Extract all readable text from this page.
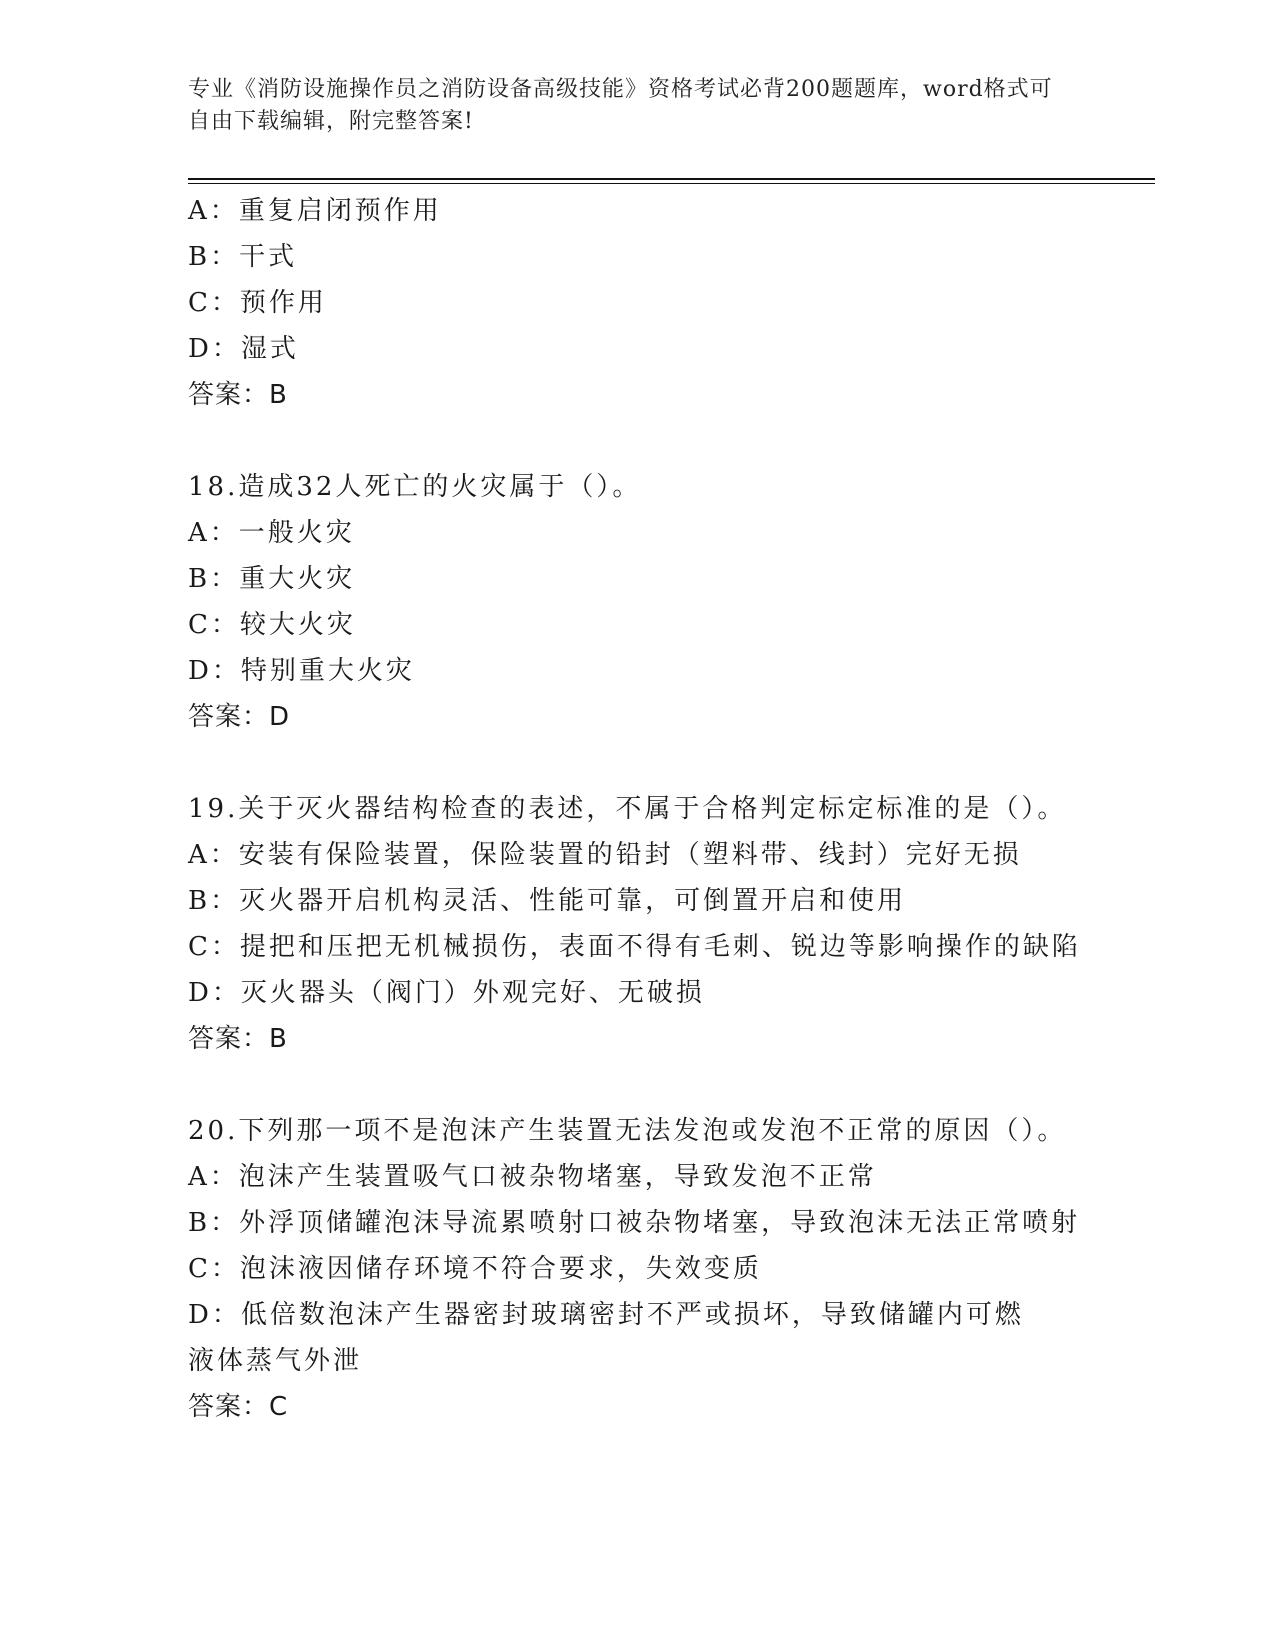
专业《消防设施操作员之消防设备高级技能》资格考试必背200题题库，word格式可自由下载编辑，附完整答案!
A：重复启闭预作用
B：干式
C：预作用
D：湿式
答案：B
18.造成32人死亡的火灾属于（）。
A：一般火灾
B：重大火灾
C：较大火灾
D：特别重大火灾
答案：D
19.关于灭火器结构检查的表述，不属于合格判定标定标准的是（）。
A：安装有保险装置，保险装置的铅封（塑料带、线封）完好无损
B：灭火器开启机构灵活、性能可靠，可倒置开启和使用
C：提把和压把无机械损伤，表面不得有毛刺、锐边等影响操作的缺陷
D：灭火器头（阀门）外观完好、无破损
答案：B
20.下列那一项不是泡沫产生装置无法发泡或发泡不正常的原因（）。
A：泡沫产生装置吸气口被杂物堵塞，导致发泡不正常
B：外浮顶储罐泡沫导流累喷射口被杂物堵塞，导致泡沫无法正常喷射
C：泡沫液因储存环境不符合要求，失效变质
D：低倍数泡沫产生器密封玻璃密封不严或损坏，导致储罐内可燃液体蒸气外泄
答案：C
